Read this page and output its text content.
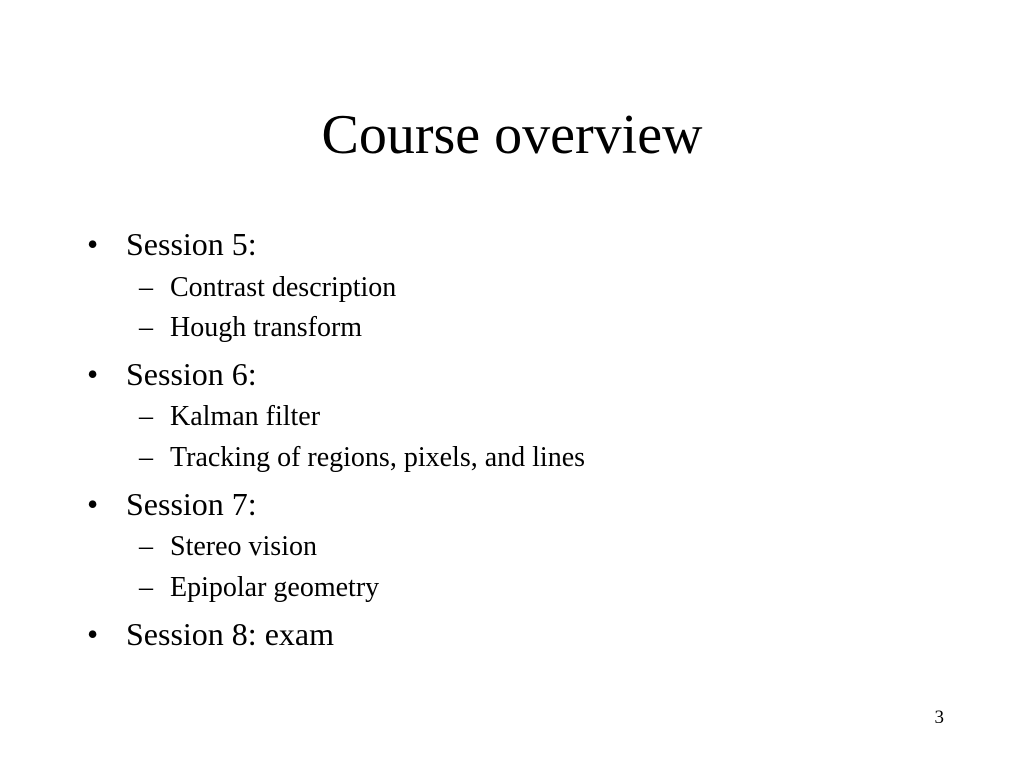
Course overview
• Session 5:
– Contrast description
– Hough transform
• Session 6:
– Kalman filter
– Tracking of regions, pixels, and lines
• Session 7:
– Stereo vision
– Epipolar geometry
• Session 8: exam
3
